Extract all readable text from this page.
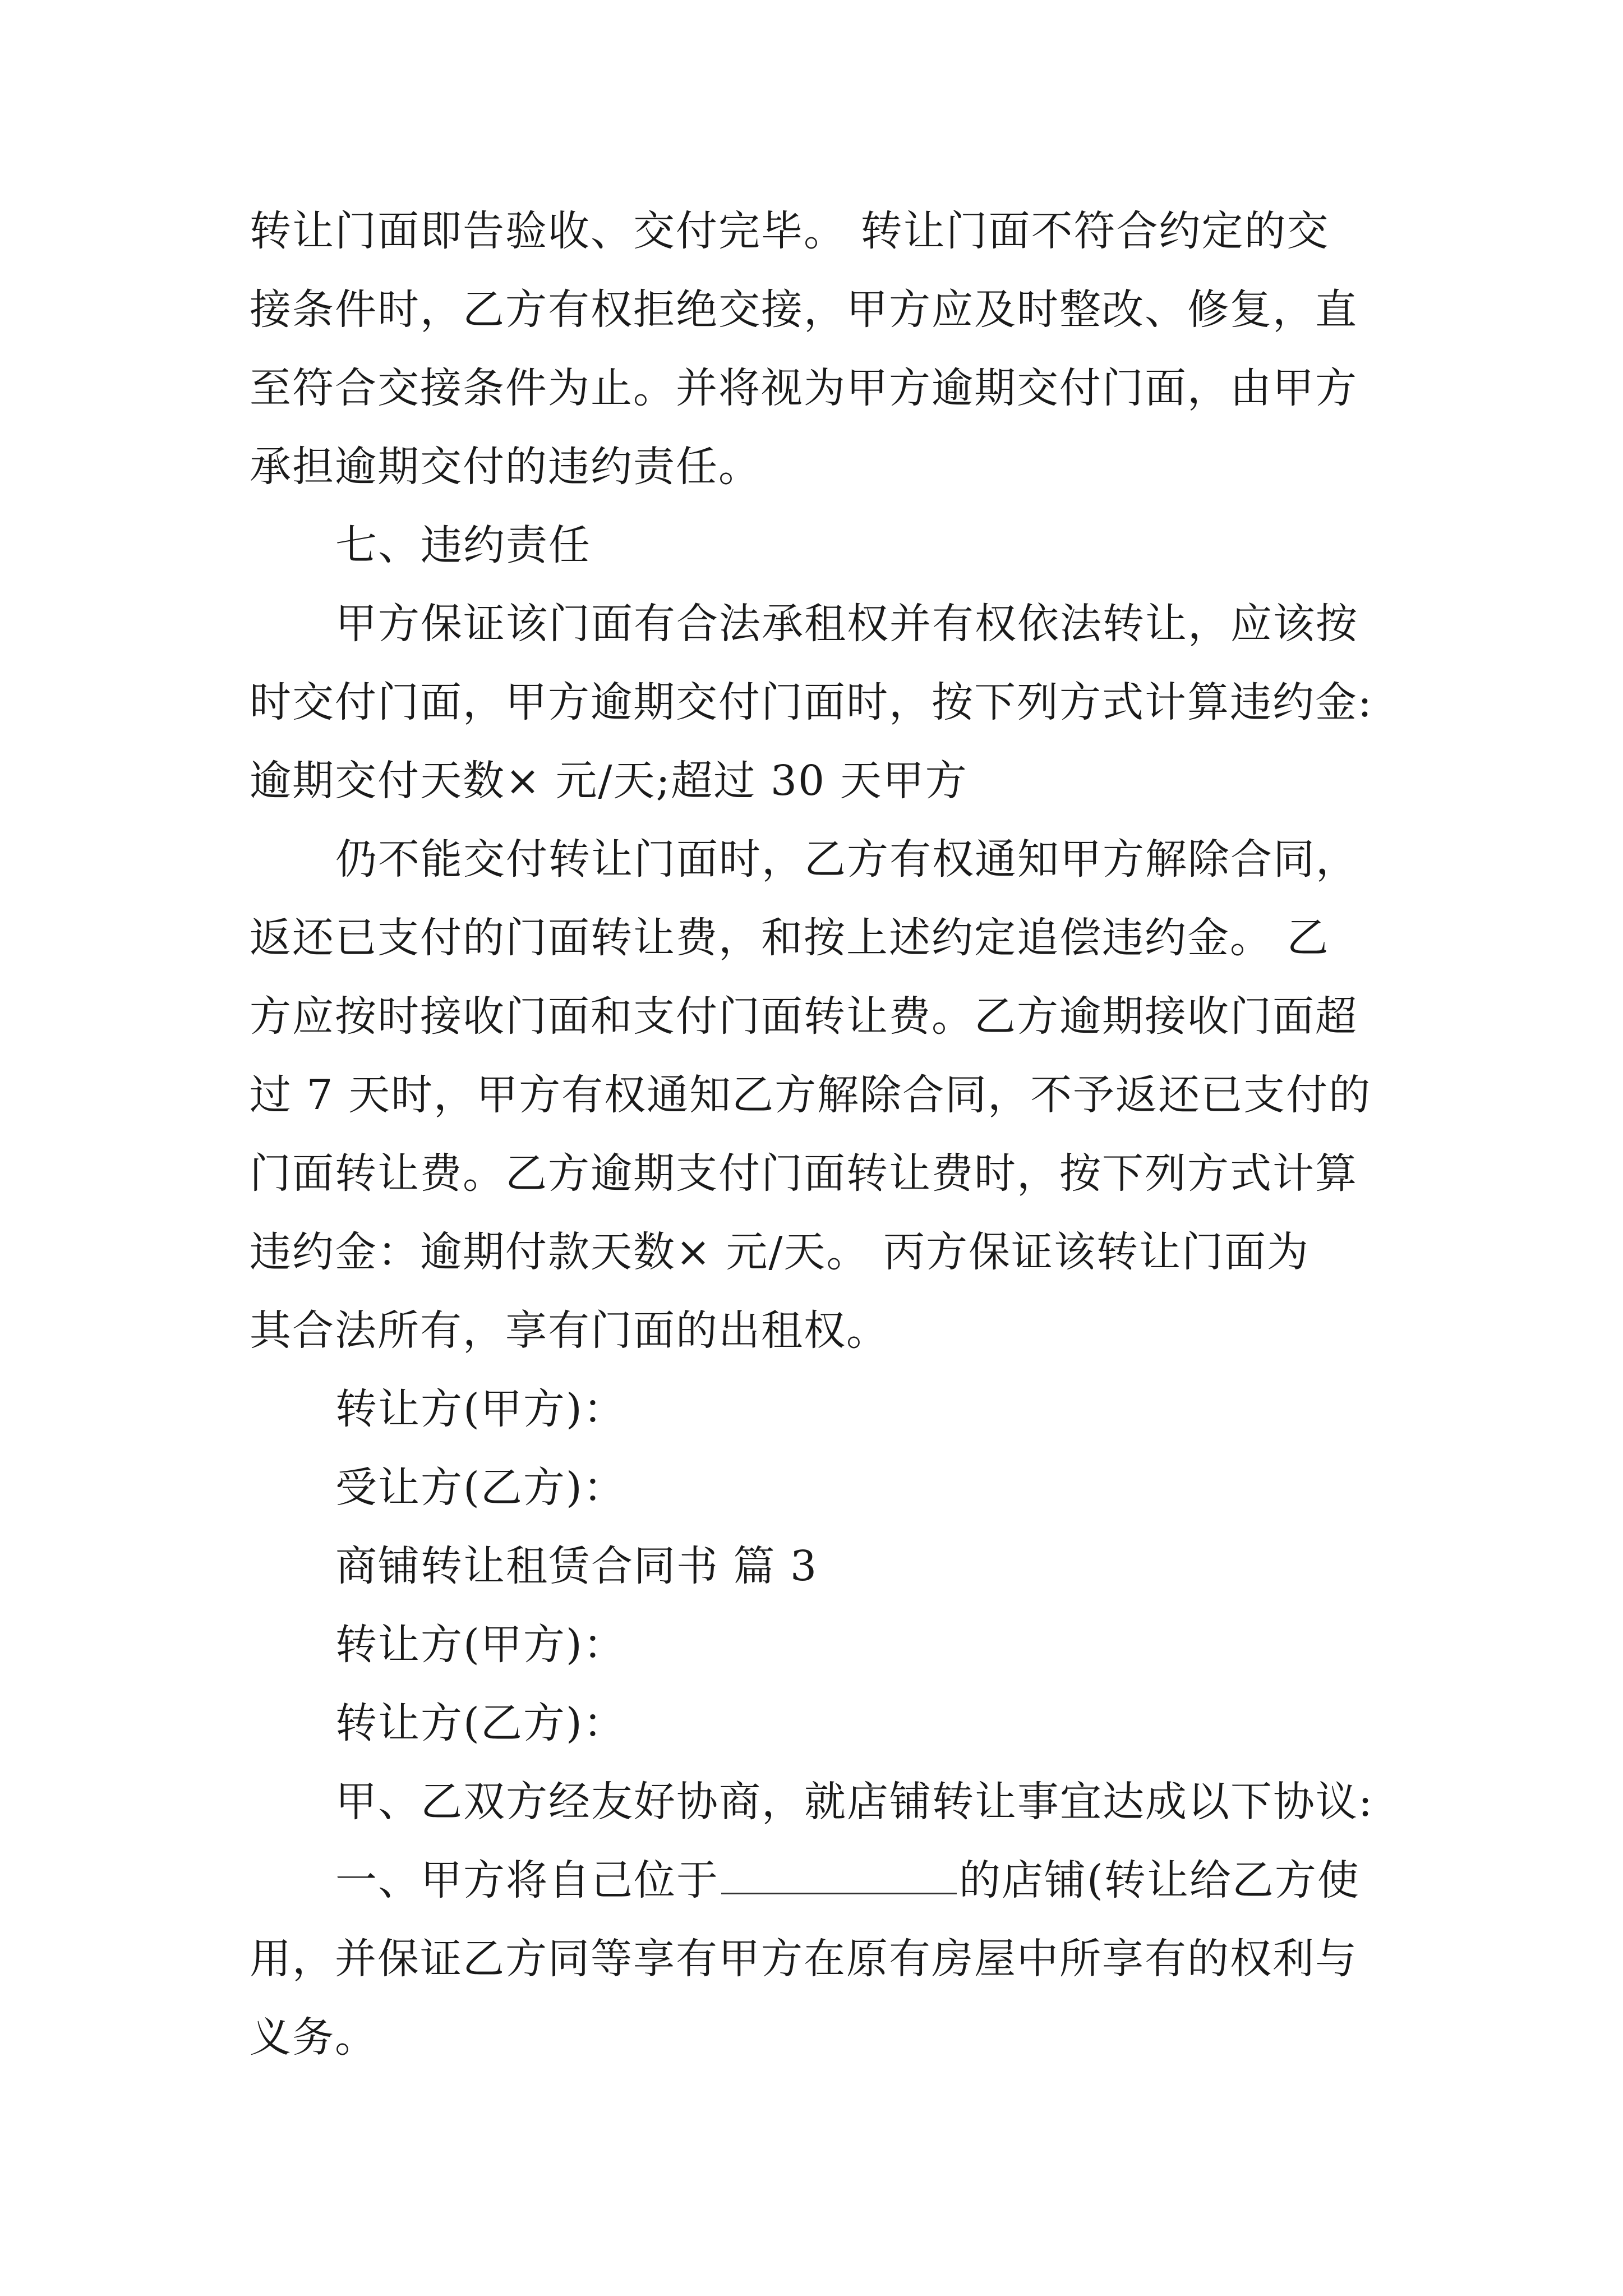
转让门面即告验收、交付完毕。 转让门面不符合约定的交

接条件时，乙方有权拒绝交接，甲方应及时整改、修复，直

至符合交接条件为止。并将视为甲方逾期交付门面，由甲方

承担逾期交付的违约责任。

七、违约责任

甲方保证该门面有合法承租权并有权依法转让，应该按

时交付门面，甲方逾期交付门面时，按下列方式计算违约金:

逾期交付天数× 元/天;超过 30 天甲方

仍不能交付转让门面时，乙方有权通知甲方解除合同，

返还已支付的门面转让费，和按上述约定追偿违约金。 乙

方应按时接收门面和支付门面转让费。乙方逾期接收门面超

过 7 天时，甲方有权通知乙方解除合同，不予返还已支付的

门面转让费。乙方逾期支付门面转让费时，按下列方式计算

违约金：逾期付款天数× 元/天。 丙方保证该转让门面为

其合法所有，享有门面的出租权。

转让方(甲方)：

受让方(乙方)：

商铺转让租赁合同书 篇 3

转让方(甲方)：

转让方(乙方)：

甲、乙双方经友好协商，就店铺转让事宜达成以下协议:

一、甲方将自己位于	的店铺(转让给乙方使

用，并保证乙方同等享有甲方在原有房屋中所享有的权利与

义务。
